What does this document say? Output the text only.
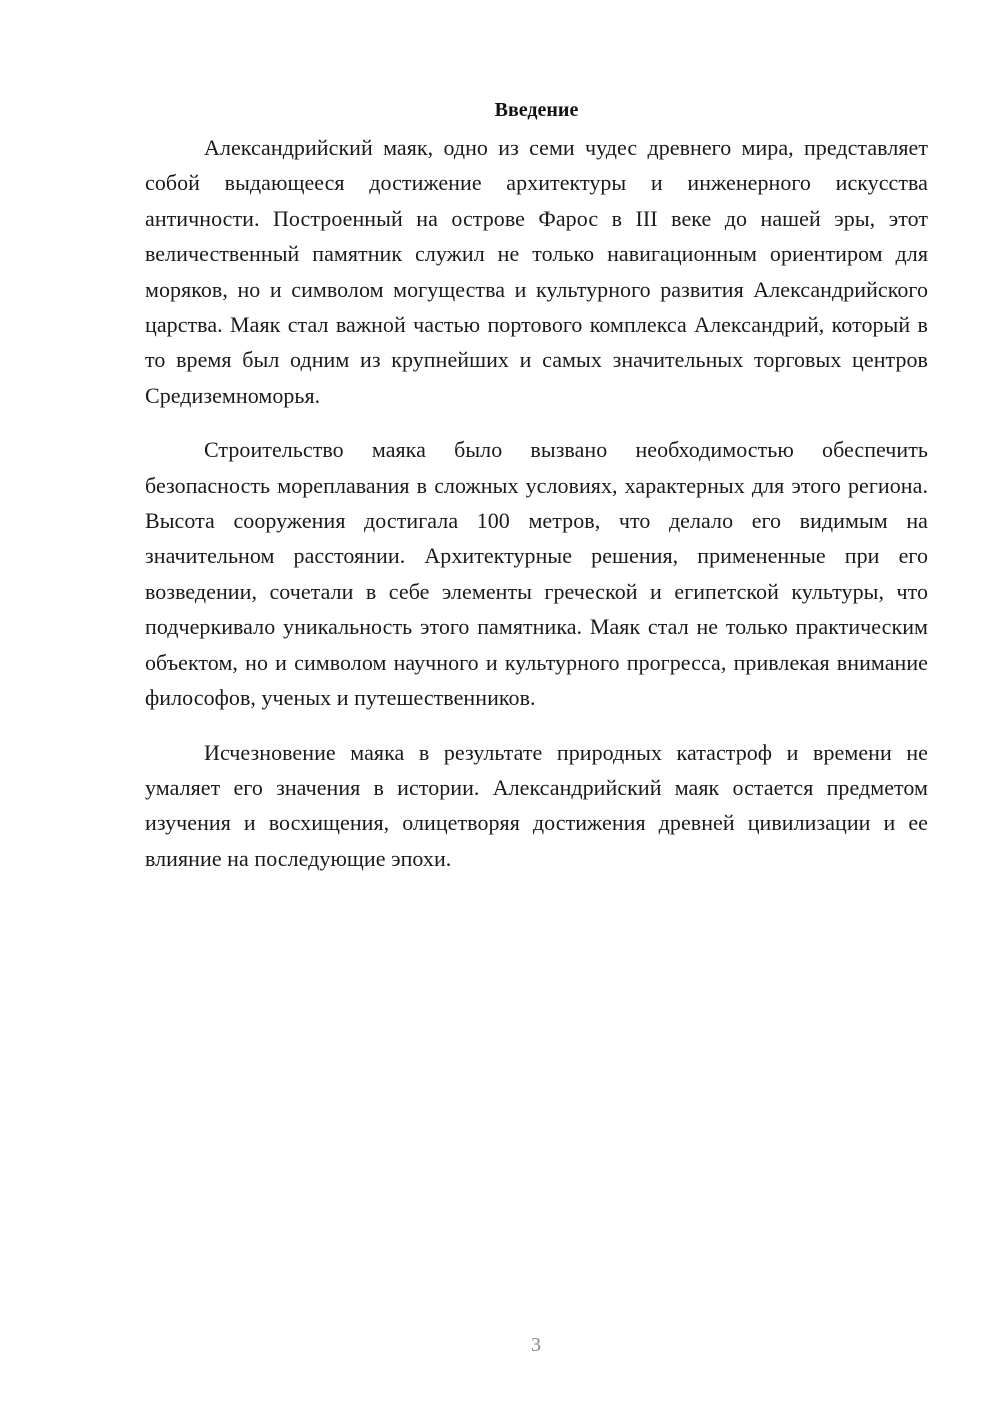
Введение

Александрийский маяк, одно из семи чудес древнего мира, представляет собой выдающееся достижение архитектуры и инженерного искусства античности. Построенный на острове Фарос в III веке до нашей эры, этот величественный памятник служил не только навигационным ориентиром для моряков, но и символом могущества и культурного развития Александрийского царства. Маяк стал важной частью портового комплекса Александрий, который в то время был одним из крупнейших и самых значительных торговых центров Средиземноморья.

Строительство маяка было вызвано необходимостью обеспечить безопасность мореплавания в сложных условиях, характерных для этого региона. Высота сооружения достигала 100 метров, что делало его видимым на значительном расстоянии. Архитектурные решения, примененные при его возведении, сочетали в себе элементы греческой и египетской культуры, что подчеркивало уникальность этого памятника. Маяк стал не только практическим объектом, но и символом научного и культурного прогресса, привлекая внимание философов, ученых и путешественников.

Исчезновение маяка в результате природных катастроф и времени не умаляет его значения в истории. Александрийский маяк остается предметом изучения и восхищения, олицетворяя достижения древней цивилизации и ее влияние на последующие эпохи.

3
